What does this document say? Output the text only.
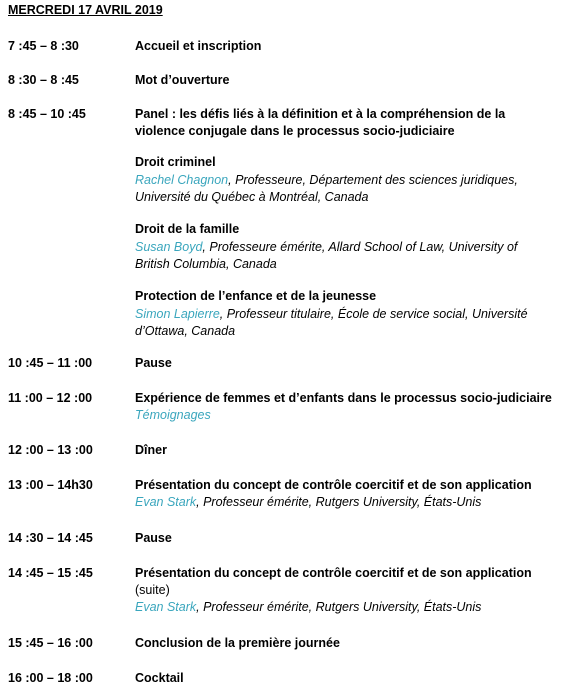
MERCREDI 17 AVRIL 2019
7 :45 – 8 :30	Accueil et inscription
8 :30 – 8 :45	Mot d’ouverture
8 :45 – 10 :45	Panel : les défis liés à la définition et à la compréhension de la violence conjugale dans le processus socio-judiciaire
Droit criminel
Rachel Chagnon, Professeure, Département des sciences juridiques, Université du Québec à Montréal, Canada
Droit de la famille
Susan Boyd, Professeure émérite, Allard School of Law, University of British Columbia, Canada
Protection de l’enfance et de la jeunesse
Simon Lapierre, Professeur titulaire, École de service social, Université d’Ottawa, Canada
10 :45 – 11 :00	Pause
11 :00 – 12 :00	Expérience de femmes et d’enfants dans le processus socio-judiciaire
Témoignages
12 :00 – 13 :00	Dîner
13 :00 – 14h30	Présentation du concept de contrôle coercitif et de son application
Evan Stark, Professeur émérite, Rutgers University, États-Unis
14 :30 – 14 :45	Pause
14 :45 – 15 :45	Présentation du concept de contrôle coercitif et de son application
(suite)
Evan Stark, Professeur émérite, Rutgers University, États-Unis
15 :45 – 16 :00	Conclusion de la première journée
16 :00 – 18 :00	Cocktail
